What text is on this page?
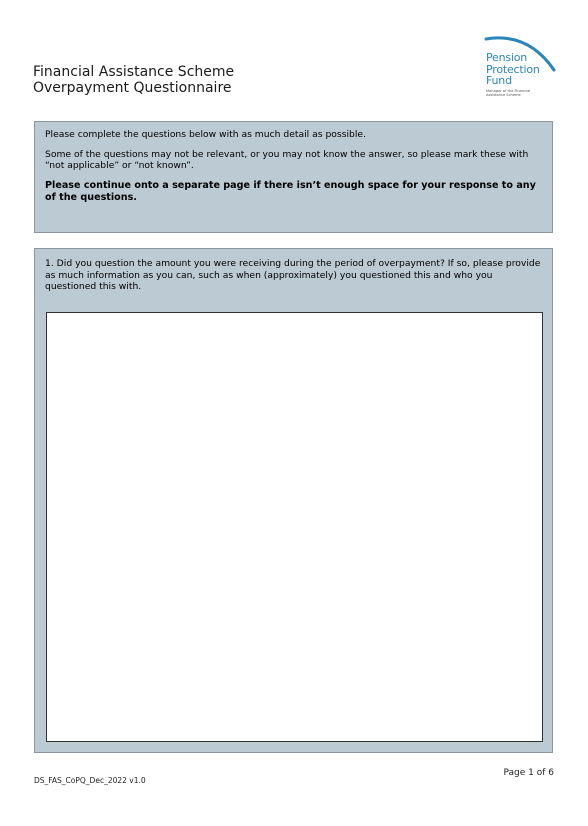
Financial Assistance Scheme
Overpayment Questionnaire
Pension
Protection
Fund
Manager of the Financial
Assistance Scheme

Please complete the questions below with as much detail as possible.

Some of the questions may not be relevant, or you may not know the answer, so please mark these with “not applicable” or “not known”.

Please continue onto a separate page if there isn’t enough space for your response to any of the questions.

1. Did you question the amount you were receiving during the period of overpayment? If so, please provide as much information as you can, such as when (approximately) you questioned this and who you questioned this with.

DS_FAS_CoPQ_Dec_2022 v1.0
Page 1 of 6
